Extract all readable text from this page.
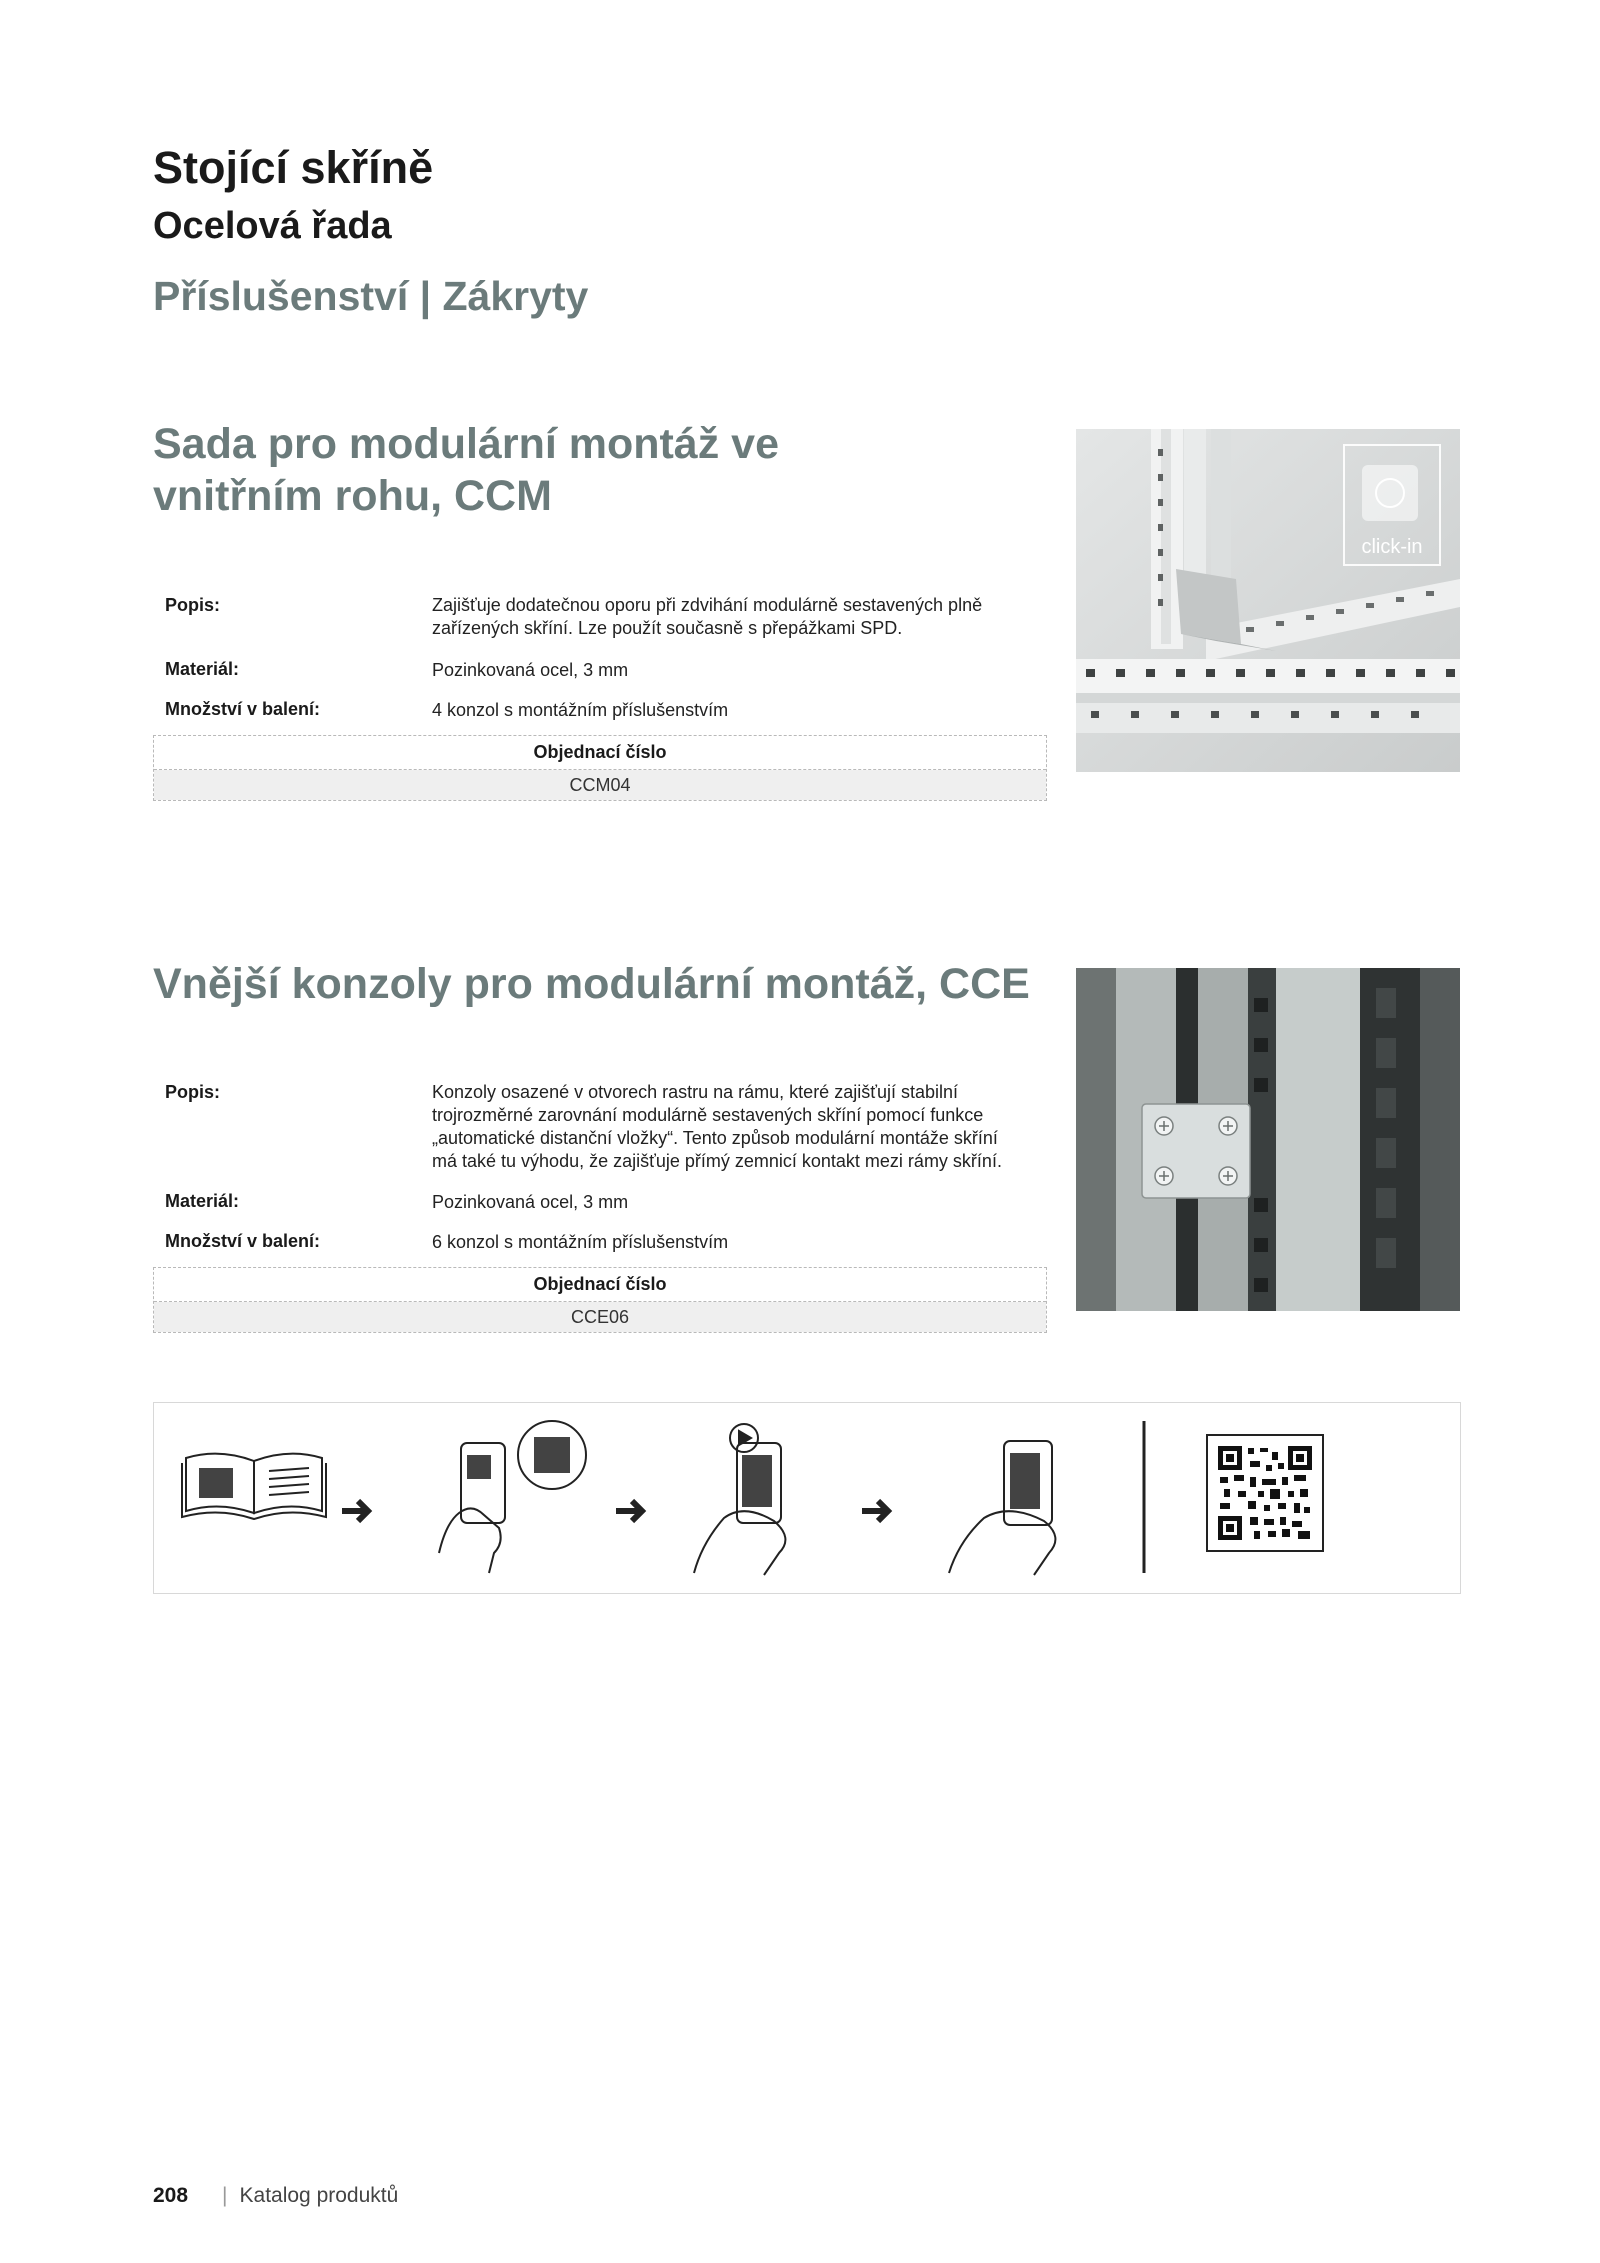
Stojící skříně
Ocelová řada
Příslušenství | Zákryty
Sada pro modulární montáž ve
vnitřním rohu, CCM
Popis:	Zajišťuje dodatečnou oporu při zdvihání modulárně sestavených plně
zařízených skříní. Lze použít současně s přepážkami SPD.
Materiál:	Pozinkovaná ocel, 3 mm
Množství v balení:	4 konzol s montážním příslušenstvím
Objednací číslo
CCM04
click-in
Vnější konzoly pro modulární montáž, CCE
Popis:	Konzoly osazené v otvorech rastru na rámu, které zajišťují stabilní
trojrozměrné zarovnání modulárně sestavených skříní pomocí funkce
„automatické distanční vložky“. Tento způsob modulární montáže skříní
má také tu výhodu, že zajišťuje přímý zemnicí kontakt mezi rámy skříní.
Materiál:	Pozinkovaná ocel, 3 mm
Množství v balení:	6 konzol s montážním příslušenstvím
Objednací číslo
CCE06
208 | Katalog produktů
